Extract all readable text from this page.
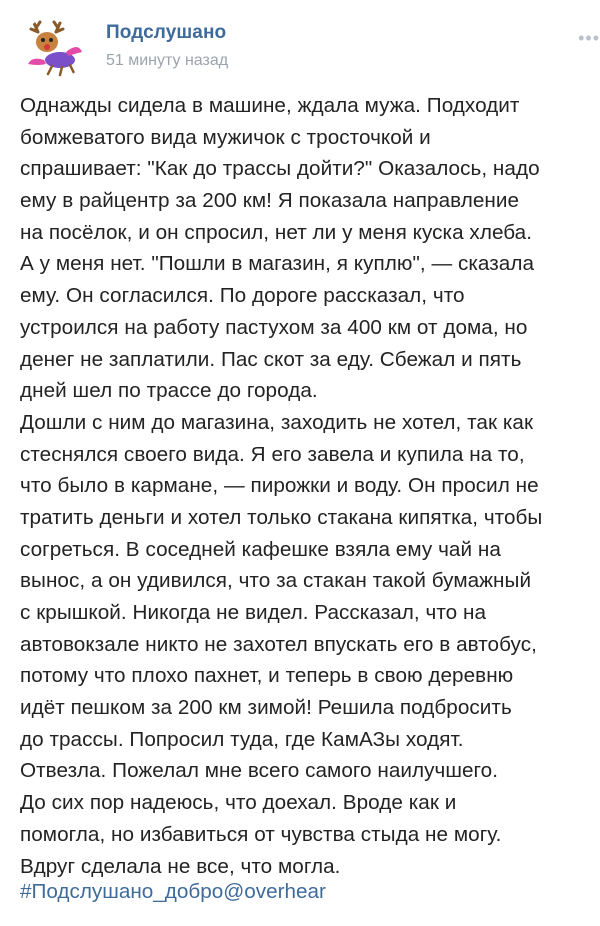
Подслушано
51 минуту назад
•••
Однажды сидела в машине, ждала мужа. Подходит
бомжеватого вида мужичок с тросточкой и
спрашивает: "Как до трассы дойти?" Оказалось, надо
ему в райцентр за 200 км! Я показала направление
на посёлок, и он спросил, нет ли у меня куска хлеба.
А у меня нет. "Пошли в магазин, я куплю", — сказала
ему. Он согласился. По дороге рассказал, что
устроился на работу пастухом за 400 км от дома, но
денег не заплатили. Пас скот за еду. Сбежал и пять
дней шел по трассе до города.
Дошли с ним до магазина, заходить не хотел, так как
стеснялся своего вида. Я его завела и купила на то,
что было в кармане, — пирожки и воду. Он просил не
тратить деньги и хотел только стакана кипятка, чтобы
согреться. В соседней кафешке взяла ему чай на
вынос, а он удивился, что за стакан такой бумажный
с крышкой. Никогда не видел. Рассказал, что на
автовокзале никто не захотел впускать его в автобус,
потому что плохо пахнет, и теперь в свою деревню
идёт пешком за 200 км зимой! Решила подбросить
до трассы. Попросил туда, где КамАЗы ходят.
Отвезла. Пожелал мне всего самого наилучшего.
До сих пор надеюсь, что доехал. Вроде как и
помогла, но избавиться от чувства стыда не могу.
Вдруг сделала не все, что могла.
#Подслушано_добро@overhear
